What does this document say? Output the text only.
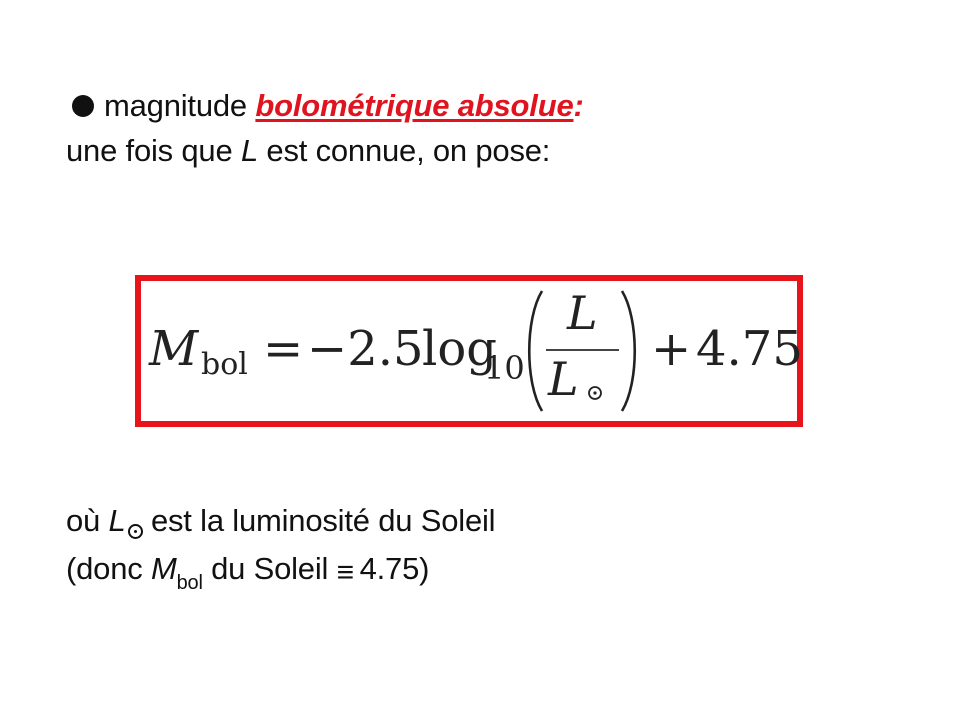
magnitude bolométrique absolue:
une fois que L est connue, on pose:
M bol = −2.5
log
10
L
L
+ 4.75
où L est la luminosité du Soleil
(donc $M_{bol}$ du Soleil ≡ 4.75)
